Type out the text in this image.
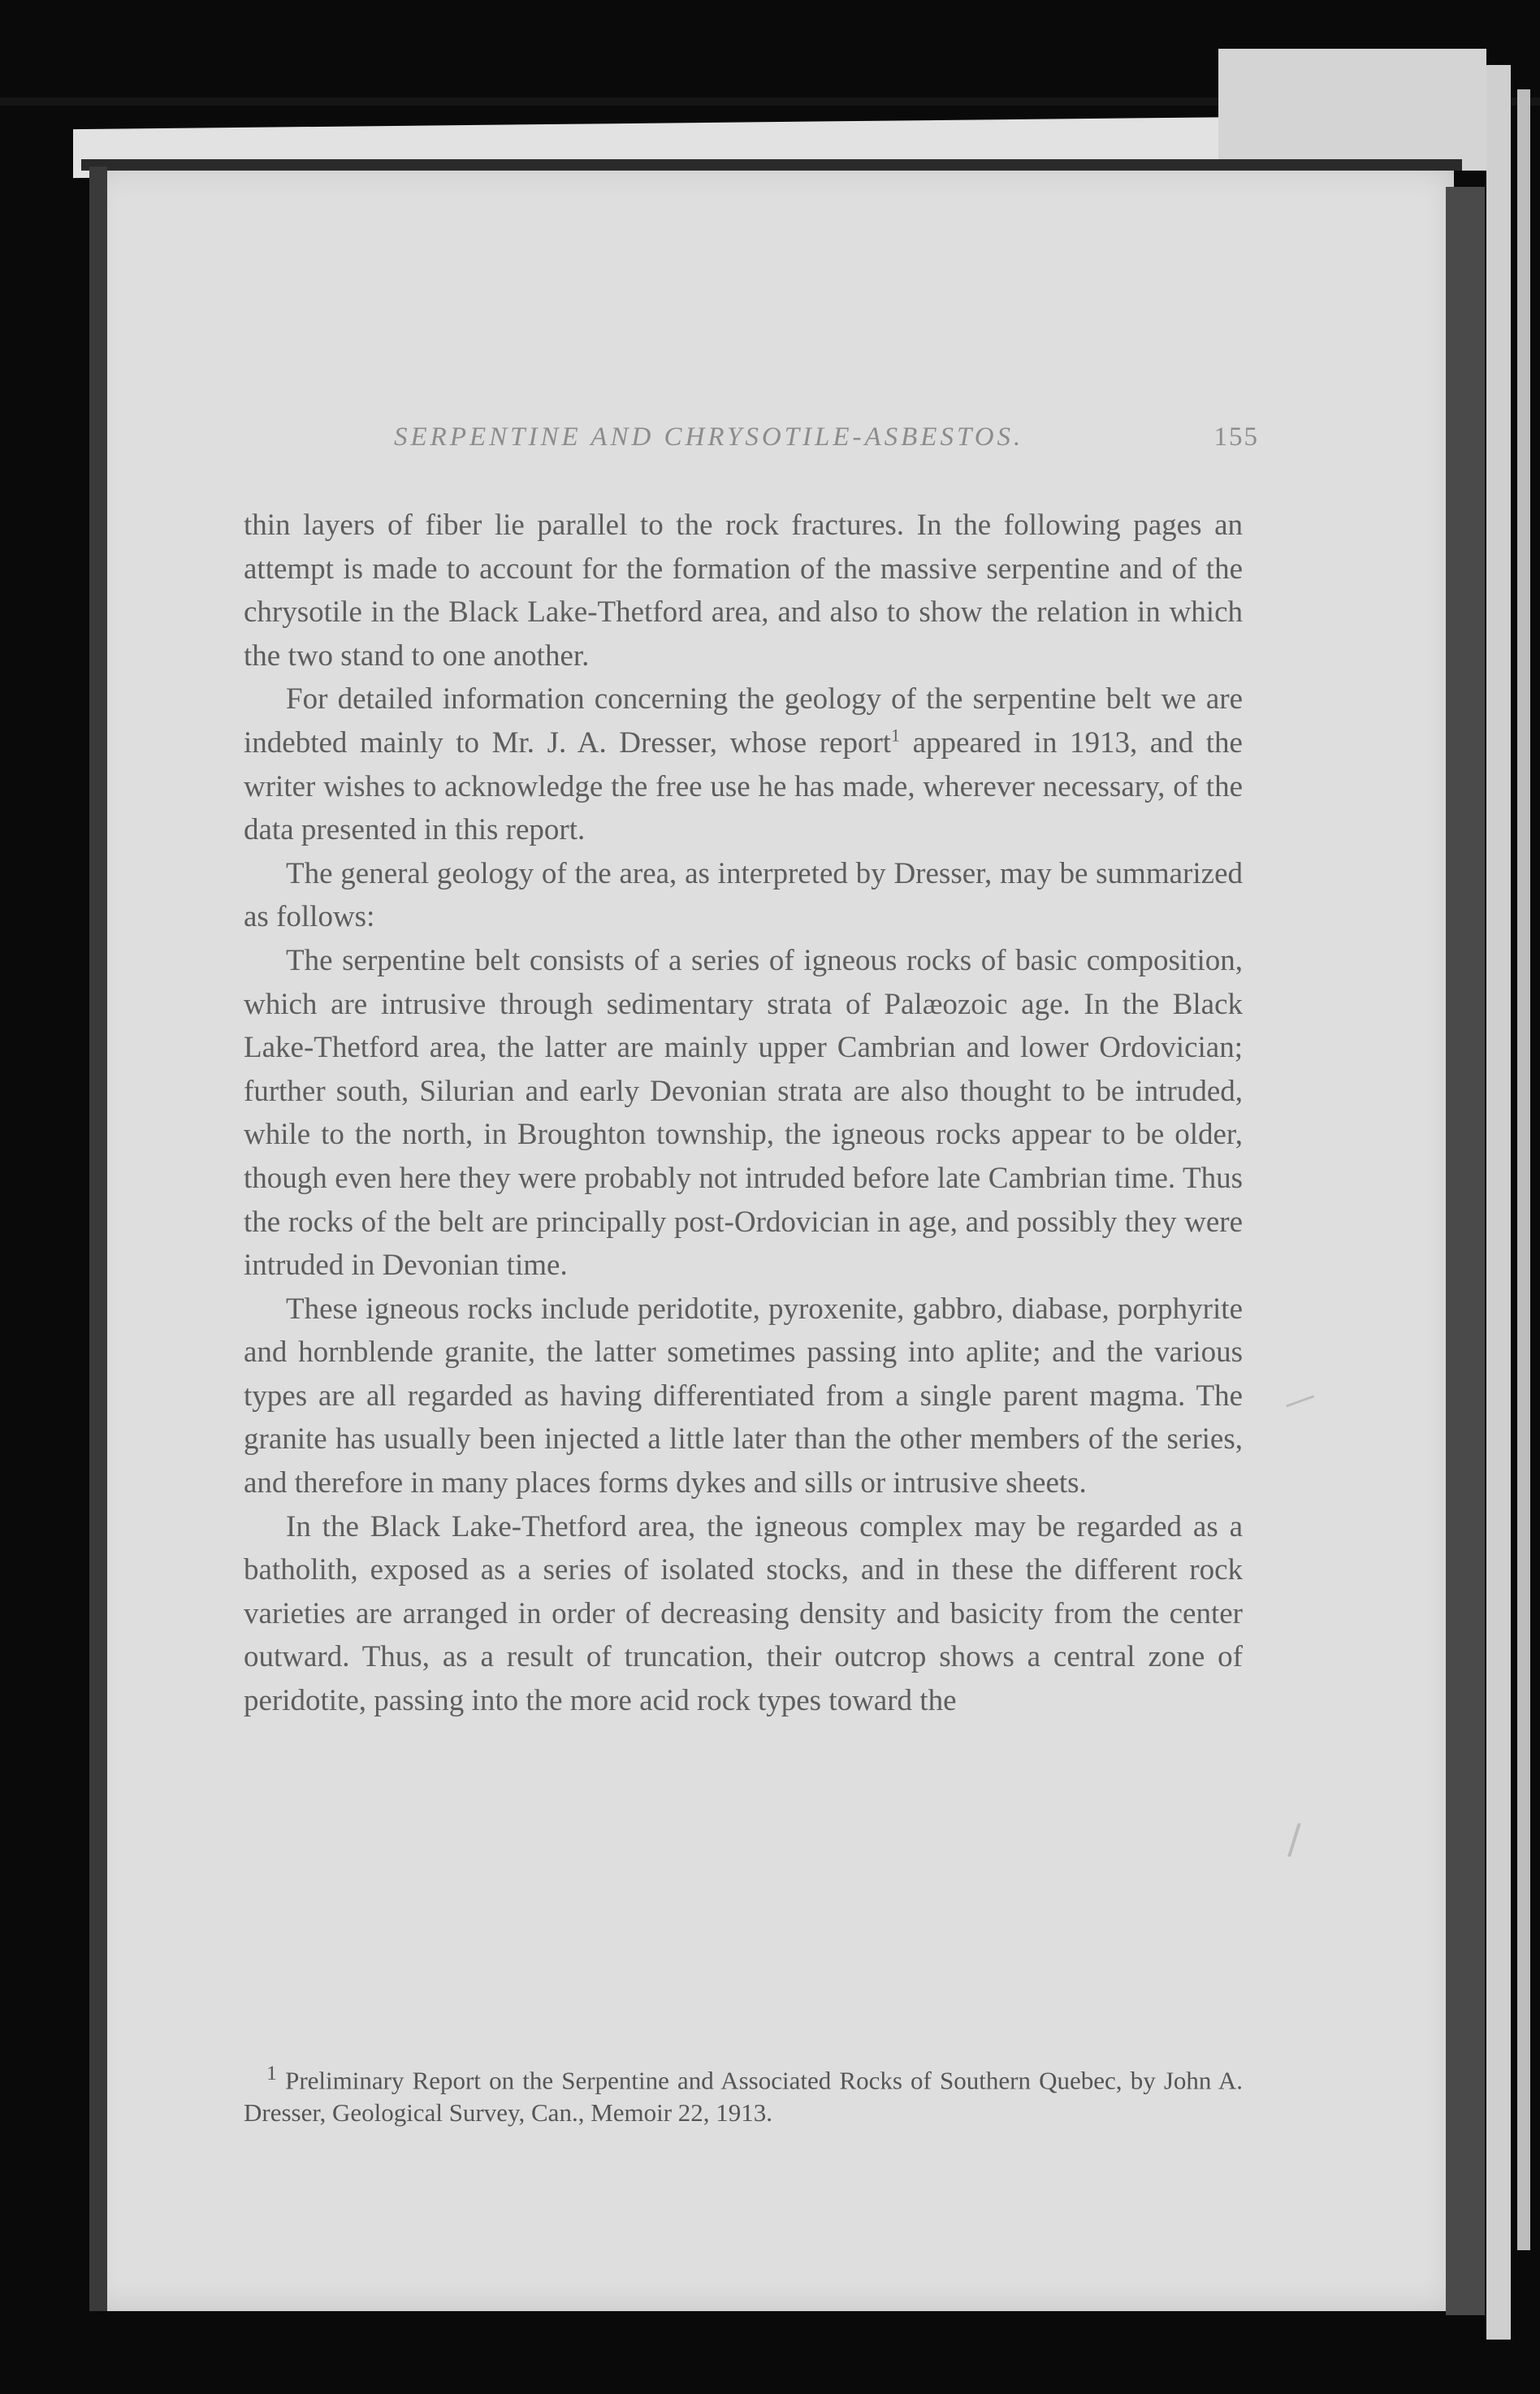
SERPENTINE AND CHRYSOTILE-ASBESTOS.	155

thin layers of fiber lie parallel to the rock fractures. In the following pages an attempt is made to account for the formation of the massive serpentine and of the chrysotile in the Black Lake-Thetford area, and also to show the relation in which the two stand to one another.

For detailed information concerning the geology of the serpentine belt we are indebted mainly to Mr. J. A. Dresser, whose report$^1$ appeared in 1913, and the writer wishes to acknowledge the free use he has made, wherever necessary, of the data presented in this report.

The general geology of the area, as interpreted by Dresser, may be summarized as follows:

The serpentine belt consists of a series of igneous rocks of basic composition, which are intrusive through sedimentary strata of Palæozoic age. In the Black Lake-Thetford area, the latter are mainly upper Cambrian and lower Ordovician; further south, Silurian and early Devonian strata are also thought to be intruded, while to the north, in Broughton township, the igneous rocks appear to be older, though even here they were probably not intruded before late Cambrian time. Thus the rocks of the belt are principally post-Ordovician in age, and possibly they were intruded in Devonian time.

These igneous rocks include peridotite, pyroxenite, gabbro, diabase, porphyrite and hornblende granite, the latter sometimes passing into aplite; and the various types are all regarded as having differentiated from a single parent magma. The granite has usually been injected a little later than the other members of the series, and therefore in many places forms dykes and sills or intrusive sheets.

In the Black Lake-Thetford area, the igneous complex may be regarded as a batholith, exposed as a series of isolated stocks, and in these the different rock varieties are arranged in order of decreasing density and basicity from the center outward. Thus, as a result of truncation, their outcrop shows a central zone of peridotite, passing into the more acid rock types toward the

$^1$ Preliminary Report on the Serpentine and Associated Rocks of Southern Quebec, by John A. Dresser, Geological Survey, Can., Memoir 22, 1913.

—
/
